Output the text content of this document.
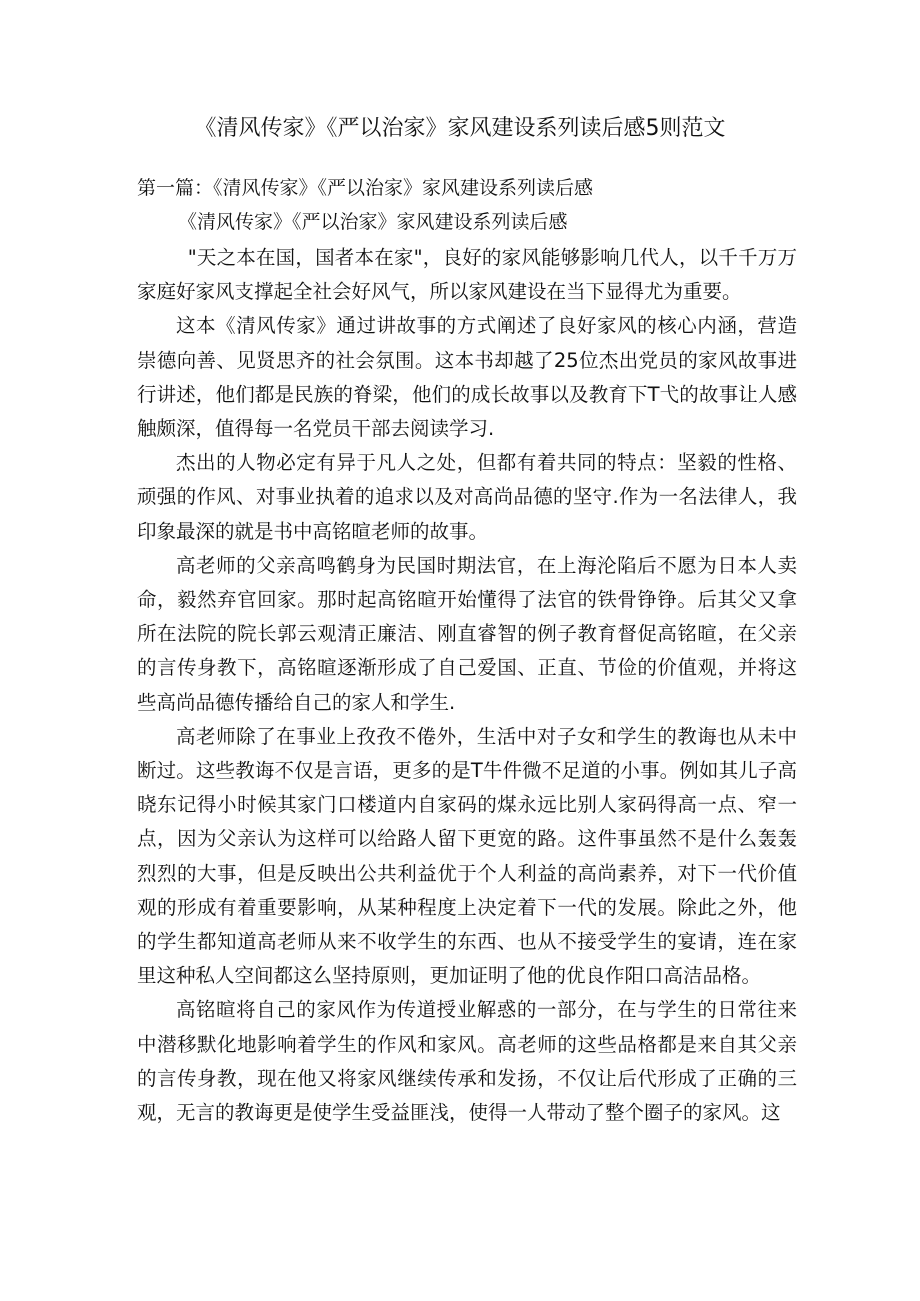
《清风传家》《严以治家》家风建设系列读后感5则范文

第一篇：《清风传家》《严以治家》家风建设系列读后感

《清风传家》《严以治家》家风建设系列读后感

"天之本在国，国者本在家"，良好的家风能够影响几代人，以千千万万家庭好家风支撑起全社会好风气，所以家风建设在当下显得尤为重要。

这本《清风传家》通过讲故事的方式阐述了良好家风的核心内涵，营造崇德向善、见贤思齐的社会氛围。这本书却越了25位杰出党员的家风故事进行讲述，他们都是民族的脊梁，他们的成长故事以及教育下T弋的故事让人感触颇深，值得每一名党员干部去阅读学习.

杰出的人物必定有异于凡人之处，但都有着共同的特点：坚毅的性格、顽强的作风、对事业执着的追求以及对高尚品德的坚守.作为一名法律人，我印象最深的就是书中高铭暄老师的故事。

高老师的父亲高鸣鹤身为民国时期法官，在上海沦陷后不愿为日本人卖命，毅然弃官回家。那时起高铭暄开始懂得了法官的铁骨铮铮。后其父又拿所在法院的院长郭云观清正廉洁、刚直睿智的例子教育督促高铭暄，在父亲的言传身教下，高铭暄逐渐形成了自己爱国、正直、节俭的价值观，并将这些高尚品德传播给自己的家人和学生.

高老师除了在事业上孜孜不倦外，生活中对子女和学生的教诲也从未中断过。这些教诲不仅是言语，更多的是T牛件微不足道的小事。例如其儿子高晓东记得小时候其家门口楼道内自家码的煤永远比别人家码得高一点、窄一点，因为父亲认为这样可以给路人留下更宽的路。这件事虽然不是什么轰轰烈烈的大事，但是反映出公共利益优于个人利益的高尚素养，对下一代价值观的形成有着重要影响，从某种程度上决定着下一代的发展。除此之外，他的学生都知道高老师从来不收学生的东西、也从不接受学生的宴请，连在家里这种私人空间都这么坚持原则，更加证明了他的优良作阳口高洁品格。

高铭暄将自己的家风作为传道授业解惑的一部分，在与学生的日常往来中潜移默化地影响着学生的作风和家风。高老师的这些品格都是来自其父亲的言传身教，现在他又将家风继续传承和发扬，不仅让后代形成了正确的三观，无言的教诲更是使学生受益匪浅，使得一人带动了整个圈子的家风。这
